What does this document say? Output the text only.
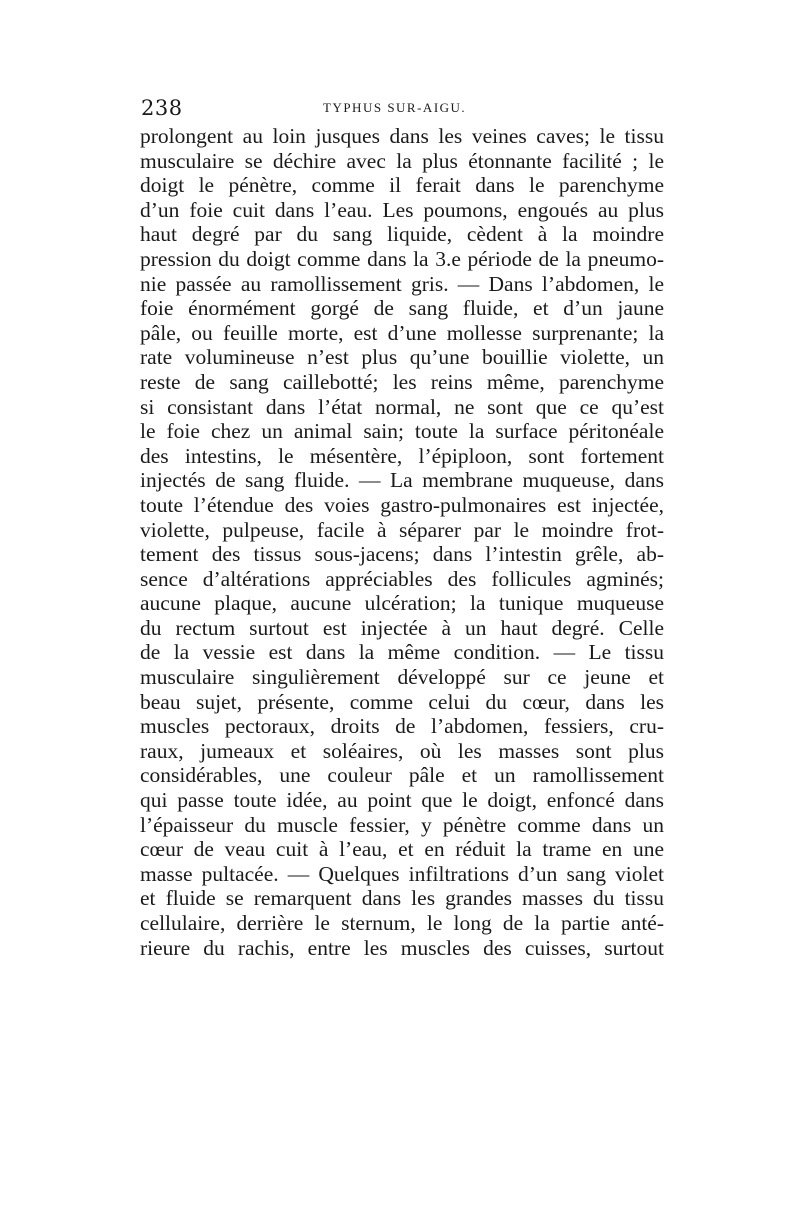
238	TYPHUS SUR-AIGU.
prolongent au loin jusques dans les veines caves; le tissu
musculaire se déchire avec la plus étonnante facilité ; le
doigt le pénètre, comme il ferait dans le parenchyme
d’un foie cuit dans l’eau. Les poumons, engoués au plus
haut degré par du sang liquide, cèdent à la moindre
pression du doigt comme dans la 3.e période de la pneumo-
nie passée au ramollissement gris. — Dans l’abdomen, le
foie énormément gorgé de sang fluide, et d’un jaune
pâle, ou feuille morte, est d’une mollesse surprenante; la
rate volumineuse n’est plus qu’une bouillie violette, un
reste de sang caillebotté; les reins même, parenchyme
si consistant dans l’état normal, ne sont que ce qu’est
le foie chez un animal sain; toute la surface péritonéale
des intestins, le mésentère, l’épiploon, sont fortement
injectés de sang fluide. — La membrane muqueuse, dans
toute l’étendue des voies gastro-pulmonaires est injectée,
violette, pulpeuse, facile à séparer par le moindre frot-
tement des tissus sous-jacens; dans l’intestin grêle, ab-
sence d’altérations appréciables des follicules agminés;
aucune plaque, aucune ulcération; la tunique muqueuse
du rectum surtout est injectée à un haut degré. Celle
de la vessie est dans la même condition. — Le tissu
musculaire singulièrement développé sur ce jeune et
beau sujet, présente, comme celui du cœur, dans les
muscles pectoraux, droits de l’abdomen, fessiers, cru-
raux, jumeaux et soléaires, où les masses sont plus
considérables, une couleur pâle et un ramollissement
qui passe toute idée, au point que le doigt, enfoncé dans
l’épaisseur du muscle fessier, y pénètre comme dans un
cœur de veau cuit à l’eau, et en réduit la trame en une
masse pultacée. — Quelques infiltrations d’un sang violet
et fluide se remarquent dans les grandes masses du tissu
cellulaire, derrière le sternum, le long de la partie anté-
rieure du rachis, entre les muscles des cuisses, surtout
